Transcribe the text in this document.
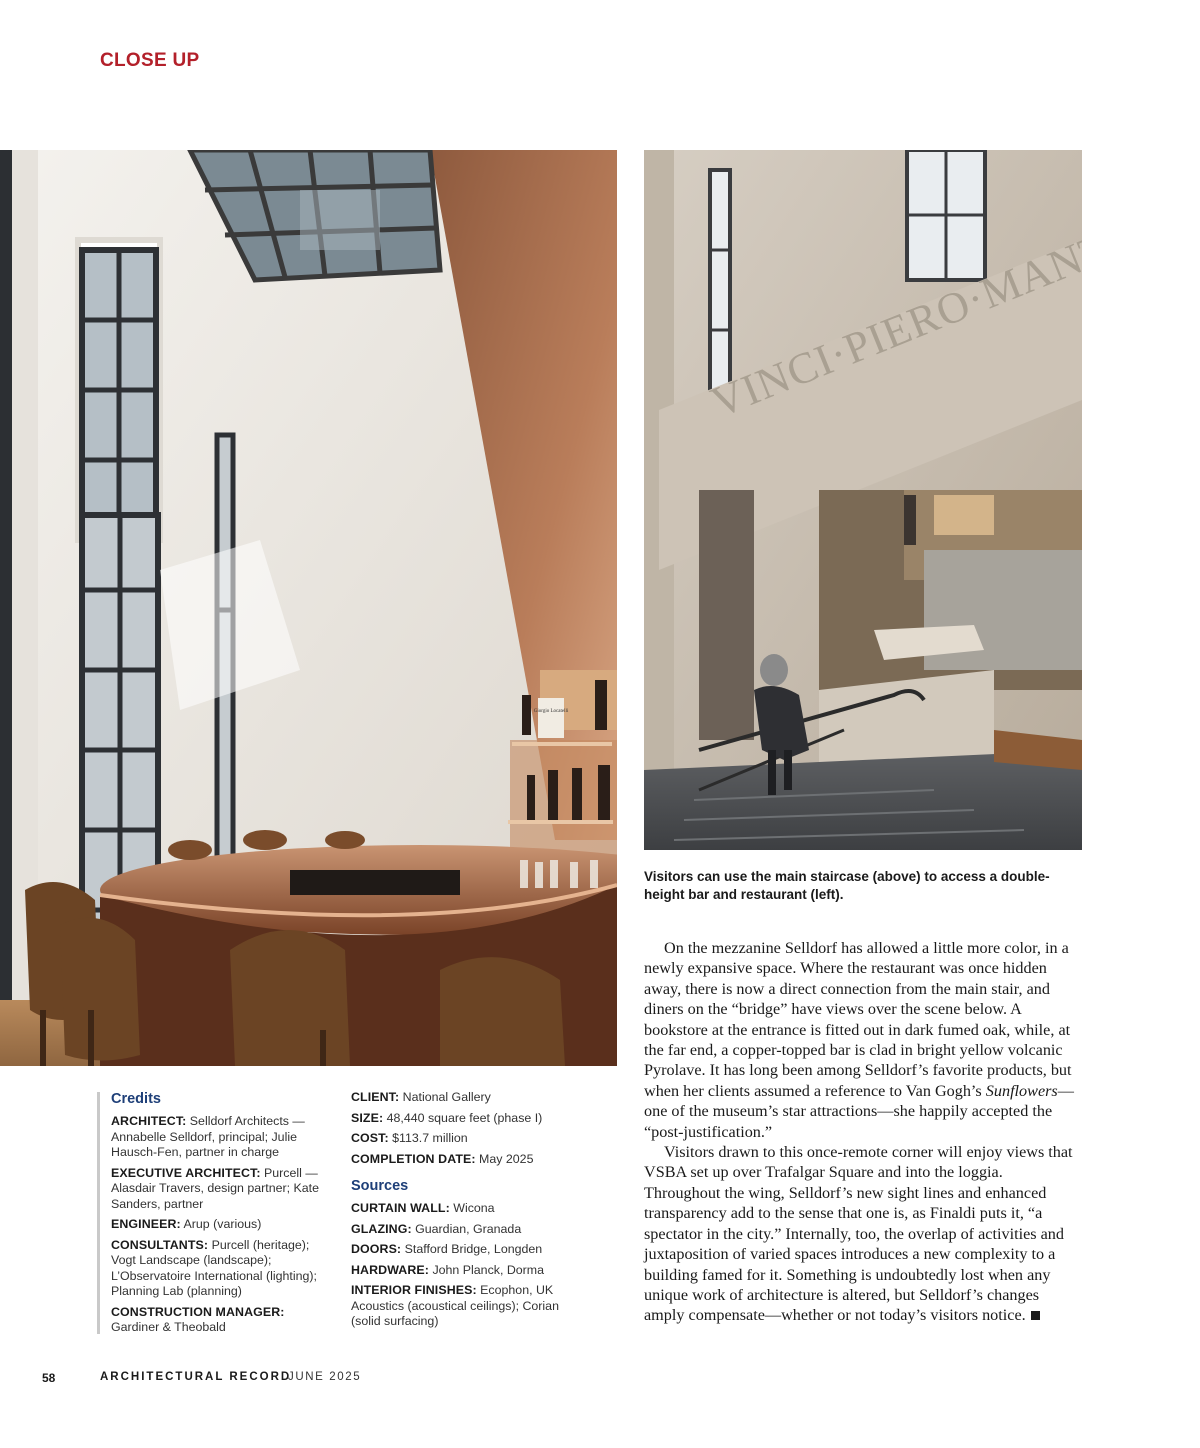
CLOSE UP
Giorgio Locatelli

Visitors can use the main staircase (above) to access a double-height bar and restaurant (left).

On the mezzanine Selldorf has allowed a little more color, in a newly expansive space. Where the restaurant was once hidden away, there is now a direct connection from the main stair, and diners on the “bridge” have views over the scene below. A bookstore at the entrance is fitted out in dark fumed oak, while, at the far end, a copper-topped bar is clad in bright yellow volcanic Pyrolave. It has long been among Selldorf’s favorite products, but when her clients assumed a reference to Van Gogh’s Sunflowers—one of the museum’s star attractions—she happily accepted the “post-justification.”

Visitors drawn to this once-remote corner will enjoy views that VSBA set up over Trafalgar Square and into the loggia. Throughout the wing, Selldorf’s new sight lines and enhanced transparency add to the sense that one is, as Finaldi puts it, “a spectator in the city.” Internally, too, the overlap of activities and juxtaposition of varied spaces introduces a new complexity to a building famed for it. Something is undoubtedly lost when any unique work of architecture is altered, but Selldorf’s changes amply compensate—whether or not today’s visitors notice.

Credits
ARCHITECT: Selldorf Architects — Annabelle Selldorf, principal; Julie Hausch-Fen, partner in charge
EXECUTIVE ARCHITECT: Purcell — Alasdair Travers, design partner; Kate Sanders, partner
ENGINEER: Arup (various)
CONSULTANTS: Purcell (heritage); Vogt Landscape (landscape); L’Observatoire International (lighting); Planning Lab (planning)
CONSTRUCTION MANAGER: Gardiner & Theobald
CLIENT: National Gallery
SIZE: 48,440 square feet (phase I)
COST: $113.7 million
COMPLETION DATE: May 2025
Sources
CURTAIN WALL: Wicona
GLAZING: Guardian, Granada
DOORS: Stafford Bridge, Longden
HARDWARE: John Planck, Dorma
INTERIOR FINISHES: Ecophon, UK Acoustics (acoustical ceilings); Corian (solid surfacing)
58	ARCHITECTURAL RECORD
JUNE 2025
